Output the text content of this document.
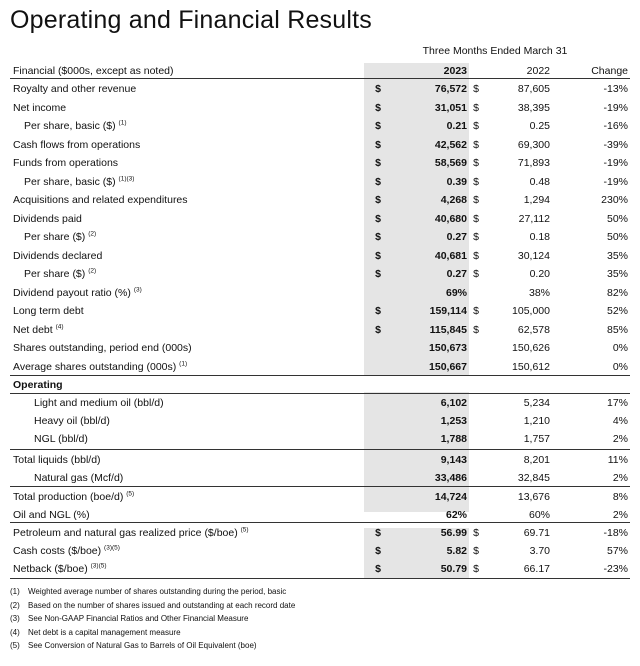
Operating and Financial Results
Three Months Ended March 31
Financial ($000s, except as noted)	2023	2022	Change
Royalty and other revenue	$	76,572 $	87,605	-13%
Net income	$	31,051 $	38,395	-19%
Per share, basic ($) $^{(1)}$	$	0.21 $	0.25	-16%
Cash flows from operations	$	42,562 $	69,300	-39%
Funds from operations	$	58,569 $	71,893	-19%
Per share, basic ($) $^{(1)(3)}$	$	0.39 $	0.48	-19%
Acquisitions and related expenditures	$	4,268 $	1,294	230%
Dividends paid	$	40,680 $	27,112	50%
Per share ($) $^{(2)}$	$	0.27 $	0.18	50%
Dividends declared	$	40,681 $	30,124	35%
Per share ($) $^{(2)}$	$	0.27 $	0.20	35%
Dividend payout ratio (%) $^{(3)}$	69%	38%	82%
Long term debt	$	159,114 $	105,000	52%
Net debt $^{(4)}$	$	115,845 $	62,578	85%
Shares outstanding, period end (000s)	150,673	150,626	0%
Average shares outstanding (000s) $^{(1)}$	150,667	150,612	0%
Operating
Light and medium oil (bbl/d)	6,102	5,234	17%
Heavy oil (bbl/d)	1,253	1,210	4%
NGL (bbl/d)	1,788	1,757	2%
Total liquids (bbl/d)	9,143	8,201	11%
Natural gas (Mcf/d)	33,486	32,845	2%
Total production (boe/d) $^{(5)}$	14,724	13,676	8%
Oil and NGL (%)	62%	60%	2%
Petroleum and natural gas realized price ($/boe) $^{(5)}$	$	56.99 $	69.71	-18%
Cash costs ($/boe) $^{(3)(5)}$	$	5.82 $	3.70	57%
Netback ($/boe) $^{(3)(5)}$	$	50.79 $	66.17	-23%
(1) Weighted average number of shares outstanding during the period, basic
(2) Based on the number of shares issued and outstanding at each record date
(3) See Non-GAAP Financial Ratios and Other Financial Measure
(4) Net debt is a capital management measure
(5) See Conversion of Natural Gas to Barrels of Oil Equivalent (boe)
